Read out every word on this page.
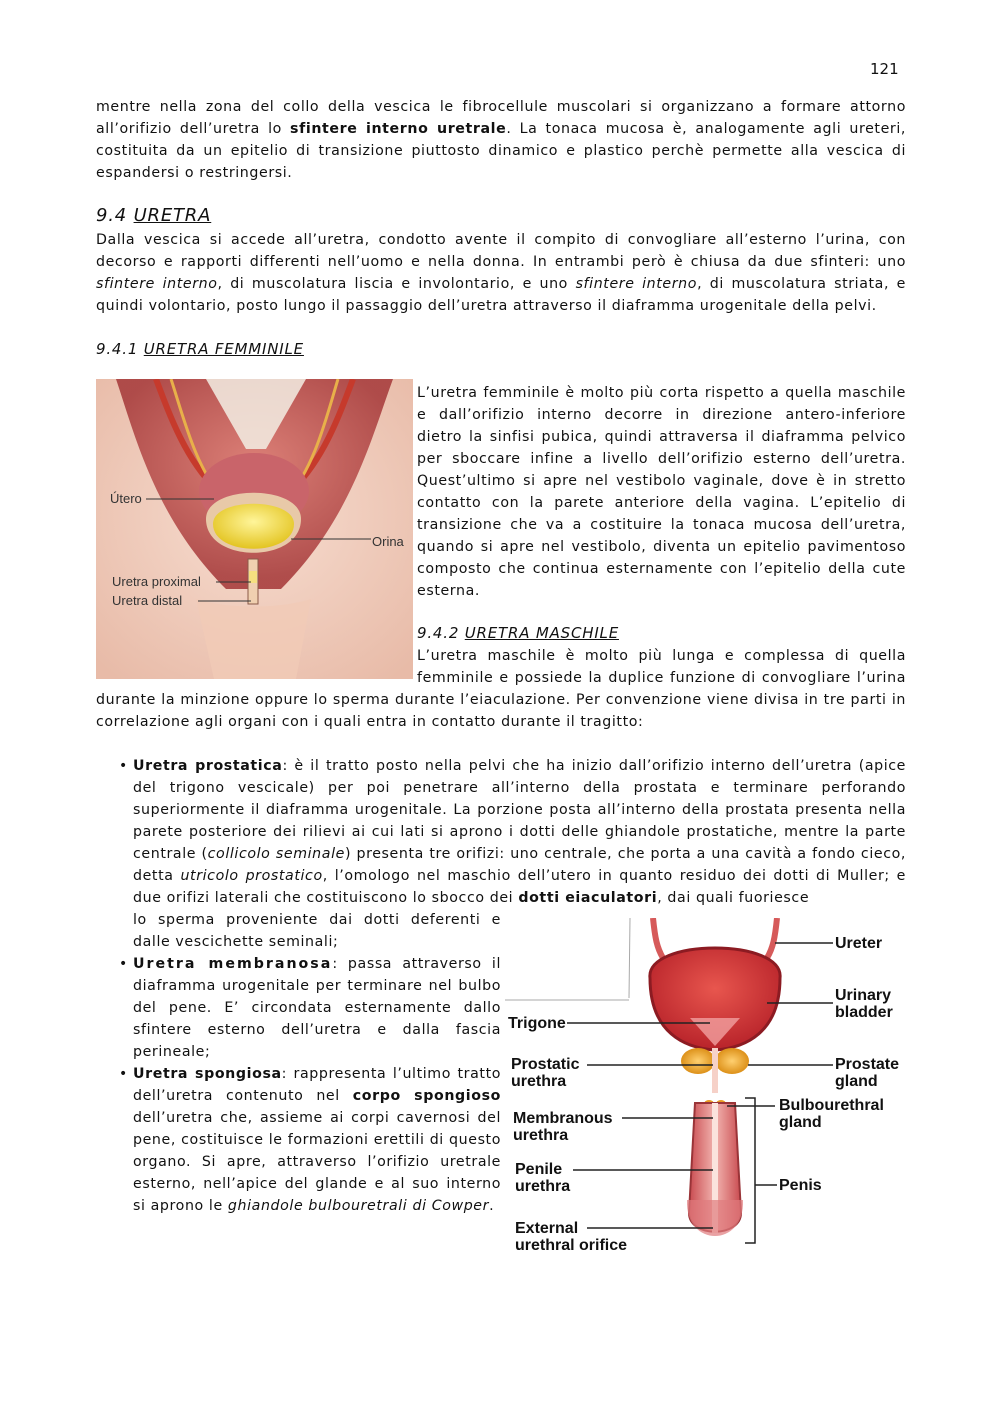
121
mentre nella zona del collo della vescica le fibrocellule muscolari si organizzano a formare attorno all’orifizio dell’uretra lo sfintere interno uretrale. La tonaca mucosa è, analogamente agli ureteri, costituita da un epitelio di transizione piuttosto dinamico e plastico perchè permette alla vescica di espandersi o restringersi.
9.4 URETRA
Dalla vescica si accede all’uretra, condotto avente il compito di convogliare all’esterno l’urina, con decorso e rapporti differenti nell’uomo e nella donna. In entrambi però è chiusa da due sfinteri: uno sfintere interno, di muscolatura liscia e involontario, e uno sfintere interno, di muscolatura striata, e quindi volontario, posto lungo il passaggio dell’uretra attraverso il diaframma urogenitale della pelvi.
9.4.1 URETRA FEMMINILE
Útero
Orina
Uretra proximal
Uretra distal
L’uretra femminile è molto più corta rispetto a quella maschile e dall’orifizio interno decorre in direzione antero-inferiore dietro la sinfisi pubica, quindi attraversa il diaframma pelvico per sboccare infine a livello dell’orifizio esterno dell’uretra. Quest’ultimo si apre nel vestibolo vaginale, dove è in stretto contatto con la parete anteriore della vagina. L’epitelio di transizione che va a costituire la tonaca mucosa dell’uretra, quando si apre nel vestibolo, diventa un epitelio pavimentoso composto che continua esternamente con l’epitelio della cute esterna.
9.4.2 URETRA MASCHILE
L’uretra maschile è molto più lunga e complessa di quella
femminile e possiede la duplice funzione di convogliare l’urina
durante la minzione oppure lo sperma durante l’eiaculazione. Per convenzione viene divisa in tre parti in correlazione agli organi con i quali entra in contatto durante il tragitto:
• Uretra prostatica: è il tratto posto nella pelvi che ha inizio dall’orifizio interno dell’uretra (apice del trigono vescicale) per poi penetrare all’interno della prostata e terminare perforando superiormente il diaframma urogenitale. La porzione posta all’interno della prostata presenta nella parete posteriore dei rilievi ai cui lati si aprono i dotti delle ghiandole prostatiche, mentre la parte centrale (collicolo seminale) presenta tre orifizi: uno centrale, che porta a una cavità a fondo cieco, detta utricolo prostatico, l’omologo nel maschio dell’utero in quanto residuo dei dotti di Muller; e due orifizi laterali che costituiscono lo sbocco dei dotti eiaculatori, dai quali fuoriesce
lo sperma proveniente dai dotti deferenti e
dalle vescichette seminali;
• Uretra membranosa: passa attraverso il diaframma urogenitale per terminare nel bulbo del pene. E’ circondata esternamente dallo sfintere esterno dell’uretra e dalla fascia perineale;
• Uretra spongiosa: rappresenta l’ultimo tratto dell’uretra contenuto nel corpo spongioso dell’uretra che, assieme ai corpi cavernosi del pene, costituisce le formazioni erettili di questo organo. Si apre, attraverso l’orifizio uretrale esterno, nell’apice del glande e al suo interno si aprono le ghiandole bulbouretrali di Cowper.
Ureter
Urinary
bladder
Trigone
Prostatic
urethra
Prostate
gland
Bulbourethral
gland
Membranous
urethra
Penile
urethra	Penis
External
urethral orifice
